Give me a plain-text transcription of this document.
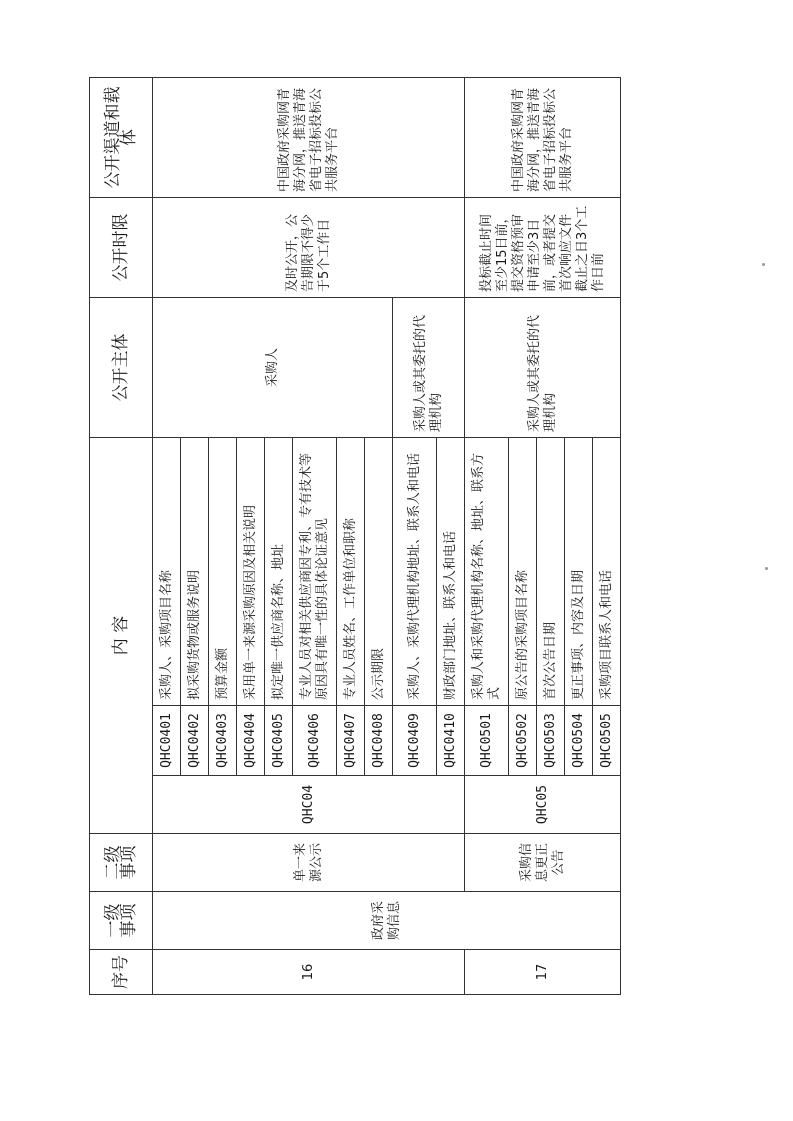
序号	一级事项	二级事项	内 容			公开主体	公开时限	公开渠道和载体
16	政府采购信息	单一来源公示	QHC04	QHC0401	采购人、采购项目名称	采购人	及时公开，公告期限不得少于5个工作日	中国政府采购网青海分网，推送青海省电子招标投标公共服务平台
				QHC0402	拟采购货物或服务说明			
				QHC0403	预算金额			
				QHC0404	采用单一来源采购原因及相关说明			
				QHC0405	拟定唯一供应商名称、地址			
				QHC0406	专业人员对相关供应商因专利、专有技术等原因具有唯一性的具体论证意见			
				QHC0407	专业人员姓名、工作单位和职称			
				QHC0408	公示期限			
				QHC0409	采购人、采购代理机构地址、联系人和电话	采购人或其委托的代理机构		
				QHC0410	财政部门地址、联系人和电话			
17		采购信息更正公告	QHC05	QHC0501	采购人和采购代理机构名称、地址、联系方式	采购人或其委托的代理机构	投标截止时间至少15日前，提交资格预审申请至少3日前，或者提交首次响应文件截止之日3个工作日前	中国政府采购网青海分网，推送青海省电子招标投标公共服务平台
				QHC0502	原公告的采购项目名称			
				QHC0503	首次公告日期			
				QHC0504	更正事项、内容及日期			
				QHC0505	采购项目联系人和电话			
